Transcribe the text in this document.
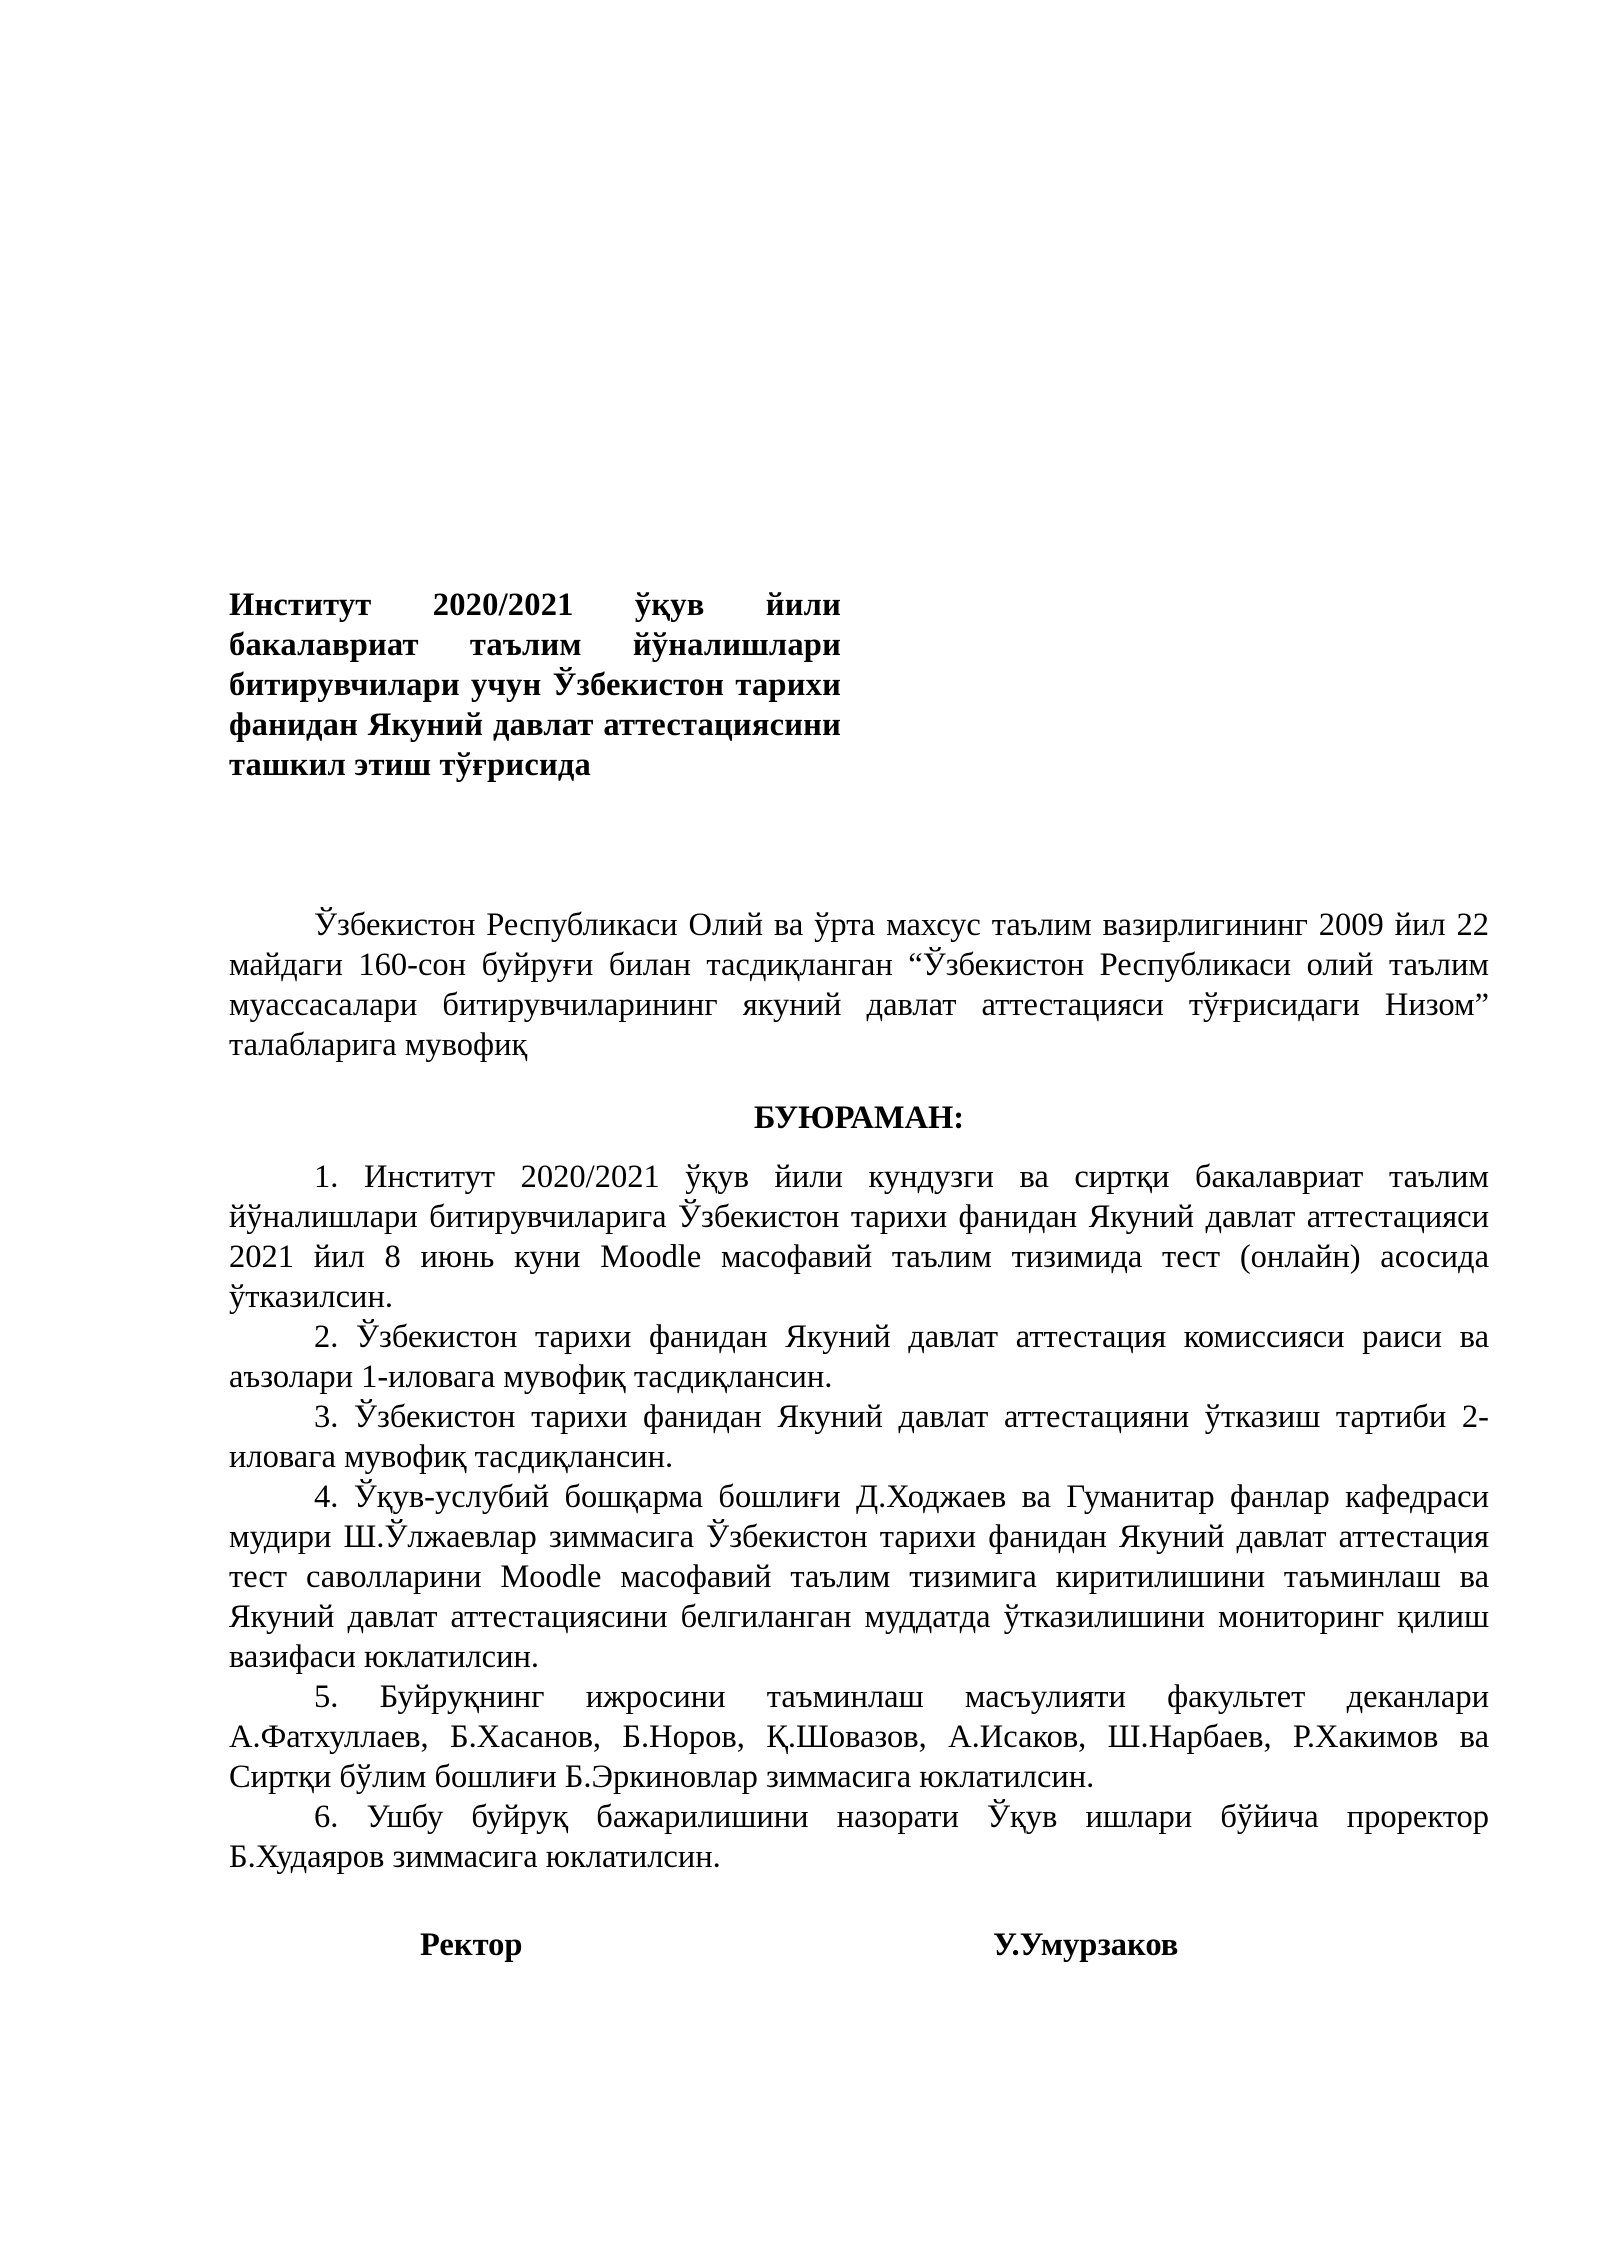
Институт 2020/2021 ўқув йили бакалавриат таълим йўналишлари битирувчилари учун Ўзбекистон тарихи фанидан Якуний давлат аттестациясини ташкил этиш тўғрисида

Ўзбекистон Республикаси Олий ва ўрта махсус таълим вазирлигининг 2009 йил 22 майдаги 160-сон буйруғи билан тасдиқланган “Ўзбекистон Республикаси олий таълим муассасалари битирувчиларининг якуний давлат аттестацияси тўғрисидаги Низом” талабларига мувофиқ

БУЮРАМАН:

1. Институт 2020/2021 ўқув йили кундузги ва сиртқи бакалавриат таълим йўналишлари битирувчиларига Ўзбекистон тарихи фанидан Якуний давлат аттестацияси 2021 йил 8 июнь куни Moodle масофавий таълим тизимида тест (онлайн) асосида ўтказилсин.

2. Ўзбекистон тарихи фанидан Якуний давлат аттестация комиссияси раиси ва аъзолари 1-иловага мувофиқ тасдиқлансин.

3. Ўзбекистон тарихи фанидан Якуний давлат аттестацияни ўтказиш тартиби 2-иловага мувофиқ тасдиқлансин.

4. Ўқув-услубий бошқарма бошлиғи Д.Ходжаев ва Гуманитар фанлар кафедраси мудири Ш.Ўлжаевлар зиммасига Ўзбекистон тарихи фанидан Якуний давлат аттестация тест саволларини Moodle масофавий таълим тизимига киритилишини таъминлаш ва Якуний давлат аттестациясини белгиланган муддатда ўтказилишини мониторинг қилиш вазифаси юклатилсин.

5. Буйруқнинг ижросини таъминлаш масъулияти факультет деканлари А.Фатхуллаев, Б.Хасанов, Б.Норов, Қ.Шовазов, А.Исаков, Ш.Нарбаев, Р.Хакимов ва Сиртқи бўлим бошлиғи Б.Эркиновлар зиммасига юклатилсин.

6. Ушбу буйруқ бажарилишини назорати Ўқув ишлари бўйича проректор Б.Худаяров зиммасига юклатилсин.

Ректор	У.Умурзаков
